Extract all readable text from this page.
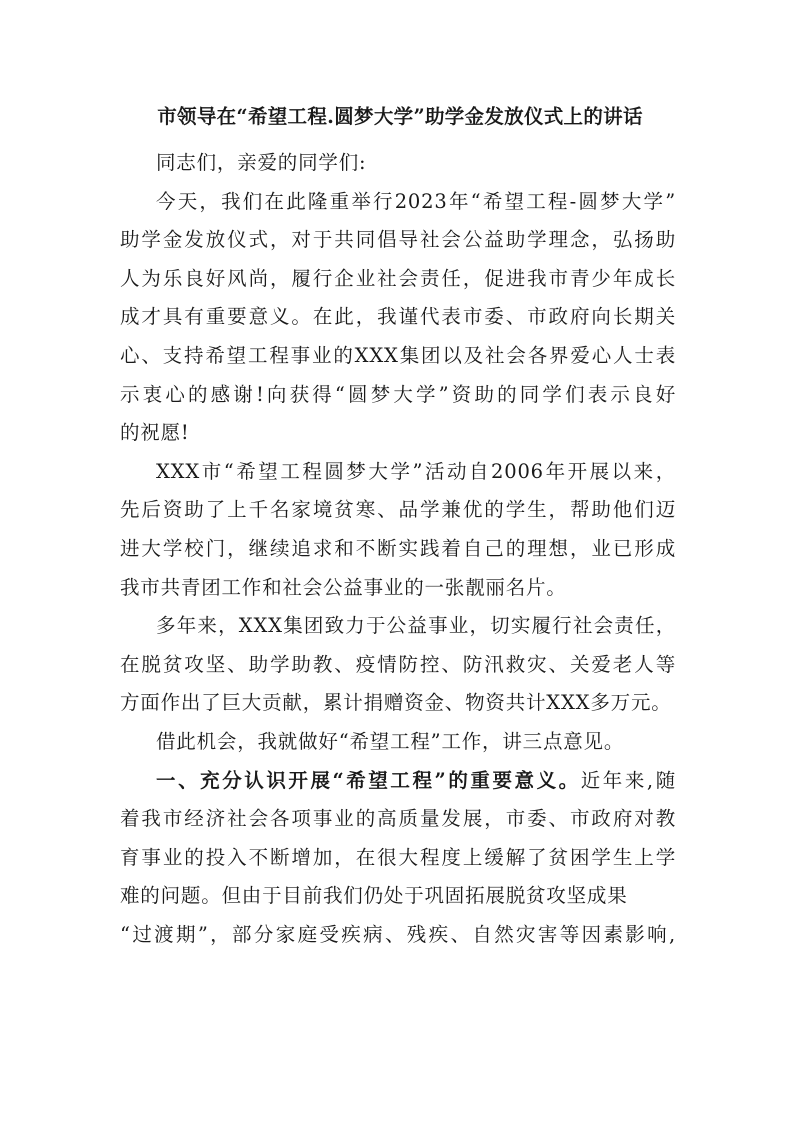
市领导在“希望工程.圆梦大学”助学金发放仪式上的讲话

同志们，亲爱的同学们:

今天，我们在此隆重举行2023年“希望工程-圆梦大学”
助学金发放仪式，对于共同倡导社会公益助学理念，弘扬助
人为乐良好风尚，履行企业社会责任，促进我市青少年成长
成才具有重要意义。在此，我谨代表市委、市政府向长期关
心、支持希望工程事业的XXX集团以及社会各界爱心人士表
示衷心的感谢!向获得“圆梦大学”资助的同学们表示良好
的祝愿!

XXX市“希望工程圆梦大学”活动自2006年开展以来，
先后资助了上千名家境贫寒、品学兼优的学生，帮助他们迈
进大学校门，继续追求和不断实践着自己的理想，业已形成
我市共青团工作和社会公益事业的一张靓丽名片。

多年来，XXX集团致力于公益事业，切实履行社会责任，
在脱贫攻坚、助学助教、疫情防控、防汛救灾、关爱老人等
方面作出了巨大贡献，累计捐赠资金、物资共计XXX多万元。

借此机会，我就做好“希望工程”工作，讲三点意见。

一、充分认识开展“希望工程”的重要意义。近年来,随
着我市经济社会各项事业的高质量发展，市委、市政府对教
育事业的投入不断增加，在很大程度上缓解了贫困学生上学
难的问题。但由于目前我们仍处于巩固拓展脱贫攻坚成果
“过渡期”，部分家庭受疾病、残疾、自然灾害等因素影响,
